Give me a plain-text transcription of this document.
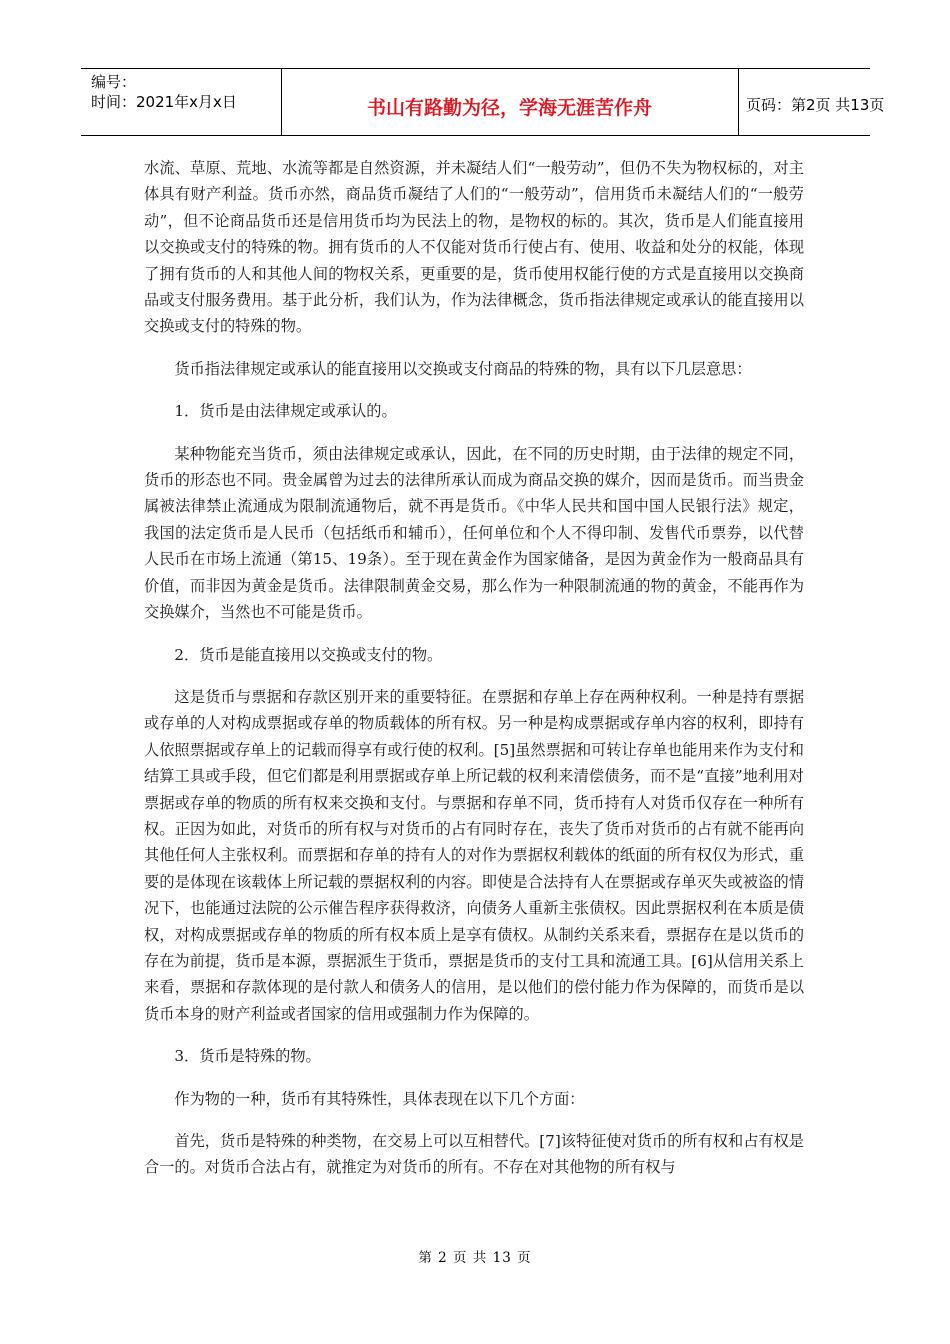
编号：
时间：2021年x月x日	书山有路勤为径，学海无涯苦作舟	页码：第2页 共13页

水流、草原、荒地、水流等都是自然资源，并未凝结人们“一般劳动”，但仍不失为物权标的，对主体具有财产利益。货币亦然，商品货币凝结了人们的“一般劳动”，信用货币未凝结人们的“一般劳动”，但不论商品货币还是信用货币均为民法上的物，是物权的标的。其次，货币是人们能直接用以交换或支付的特殊的物。拥有货币的人不仅能对货币行使占有、使用、收益和处分的权能，体现了拥有货币的人和其他人间的物权关系，更重要的是，货币使用权能行使的方式是直接用以交换商品或支付服务费用。基于此分析，我们认为，作为法律概念，货币指法律规定或承认的能直接用以交换或支付的特殊的物。

货币指法律规定或承认的能直接用以交换或支付商品的特殊的物，具有以下几层意思：

1．货币是由法律规定或承认的。

某种物能充当货币，须由法律规定或承认，因此，在不同的历史时期，由于法律的规定不同，货币的形态也不同。贵金属曾为过去的法律所承认而成为商品交换的媒介，因而是货币。而当贵金属被法律禁止流通成为限制流通物后，就不再是货币。《中华人民共和国中国人民银行法》规定，我国的法定货币是人民币（包括纸币和辅币），任何单位和个人不得印制、发售代币票券，以代替人民币在市场上流通（第15、19条）。至于现在黄金作为国家储备，是因为黄金作为一般商品具有价值，而非因为黄金是货币。法律限制黄金交易，那么作为一种限制流通的物的黄金，不能再作为交换媒介，当然也不可能是货币。

2．货币是能直接用以交换或支付的物。

这是货币与票据和存款区别开来的重要特征。在票据和存单上存在两种权利。一种是持有票据或存单的人对构成票据或存单的物质载体的所有权。另一种是构成票据或存单内容的权利，即持有人依照票据或存单上的记载而得享有或行使的权利。[5]虽然票据和可转让存单也能用来作为支付和结算工具或手段，但它们都是利用票据或存单上所记载的权利来清偿债务，而不是“直接”地利用对票据或存单的物质的所有权来交换和支付。与票据和存单不同，货币持有人对货币仅存在一种所有权。正因为如此，对货币的所有权与对货币的占有同时存在，丧失了货币对货币的占有就不能再向其他任何人主张权利。而票据和存单的持有人的对作为票据权利载体的纸面的所有权仅为形式，重要的是体现在该载体上所记载的票据权利的内容。即使是合法持有人在票据或存单灭失或被盗的情况下，也能通过法院的公示催告程序获得救济，向债务人重新主张债权。因此票据权利在本质是债权，对构成票据或存单的物质的所有权本质上是享有债权。从制约关系来看，票据存在是以货币的存在为前提，货币是本源，票据派生于货币，票据是货币的支付工具和流通工具。[6]从信用关系上来看，票据和存款体现的是付款人和债务人的信用，是以他们的偿付能力作为保障的，而货币是以货币本身的财产利益或者国家的信用或强制力作为保障的。

3．货币是特殊的物。

作为物的一种，货币有其特殊性，具体表现在以下几个方面：

首先，货币是特殊的种类物，在交易上可以互相替代。[7]该特征使对货币的所有权和占有权是合一的。对货币合法占有，就推定为对货币的所有。不存在对其他物的所有权与

第 2 页 共 13 页
